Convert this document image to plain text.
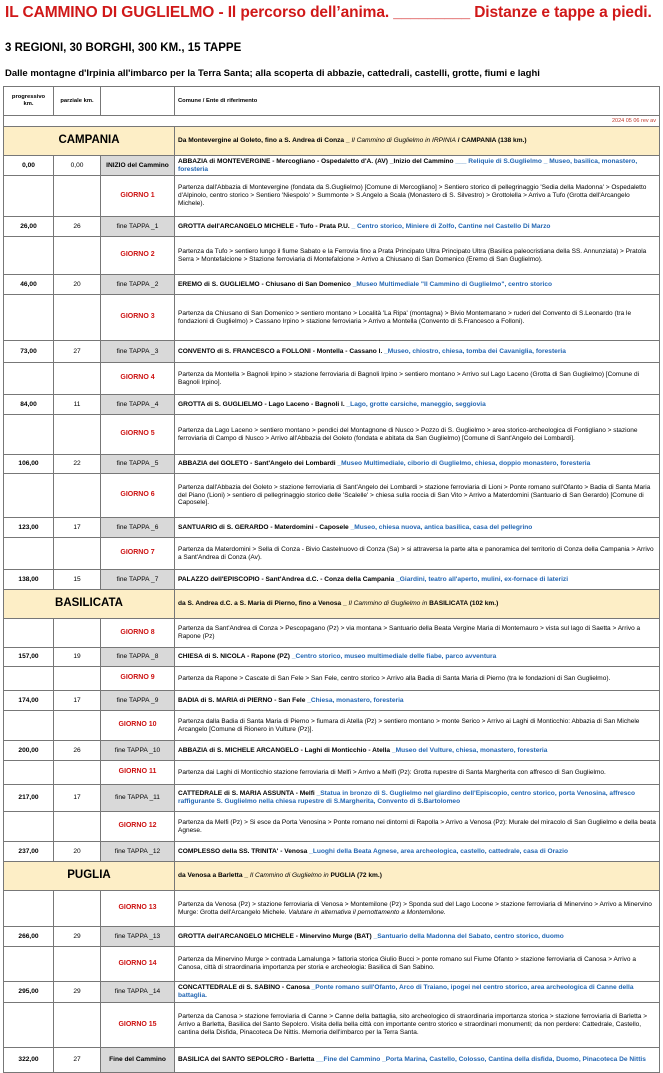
IL CAMMINO DI GUGLIELMO - Il percorso dell’anima. _________ Distanze e tappe a piedi.
3 REGIONI, 30 BORGHI, 300 KM., 15 TAPPE
Dalle montagne d'Irpinia all'imbarco per la Terra Santa; alla scoperta di abbazie, cattedrali, castelli, grotte, fiumi e laghi
progressivo km.	parziale km.		Comune / Ente di riferimento
			2024 05 06 rev av
CAMPANIA			Da Montevergine al Goleto, fino a S. Andrea di Conza _ Il Cammino di Guglielmo in IRPINIA / CAMPANIA (138 km.)
0,00	0,00	INIZIO del Cammino	ABBAZIA di MONTEVERGINE - Mercogliano - Ospedaletto d'A. (AV) _Inizio del Cammino ___ Reliquie di S.Guglielmo _ Museo, basilica, monastero, foresteria
		GIORNO 1	Partenza dall'Abbazia di Montevergine (fondata da S.Guglielmo) [Comune di Mercogliano] > Sentiero storico di pellegrinaggio 'Sedia della Madonna' > Ospedaletto d'Alpinolo, centro storico > Sentiero 'Niespolo' > Summonte > S.Angelo a Scala (Monastero di S. Silvestro) > Grottolella > Arrivo a Tufo (Grotta dell'Arcangelo Michele).
26,00	26	fine TAPPA _1	GROTTA dell'ARCANGELO MICHELE - Tufo - Prata P.U. _ Centro storico, Miniere di Zolfo, Cantine nel Castello Di Marzo
		GIORNO 2	Partenza da Tufo > sentiero lungo il fiume Sabato e la Ferrovia fino a Prata Principato Ultra Principato Ultra (Basilica paleocristiana della SS. Annunziata) > Pratola Serra > Montefalcione > Stazione ferroviaria di Montefalcione > Arrivo a Chiusano di San Domenico (Eremo di San Guglielmo).
46,00	20	fine TAPPA _2	EREMO di S. GUGLIELMO - Chiusano di San Domenico _Museo Multimediale "Il Cammino di Guglielmo", centro storico
		GIORNO 3	Partenza da Chiusano di San Domenico > sentiero montano > Località 'La Ripa' (montagna) > Bivio Montemarano > ruderi del Convento di S.Leonardo (tra le fondazioni di Guglielmo) > Cassano Irpino > stazione ferroviaria > Arrivo a Montella (Convento di S.Francesco a Folloni).
73,00	27	fine TAPPA _3	CONVENTO di S. FRANCESCO a FOLLONI - Montella - Cassano I. _Museo, chiostro, chiesa, tomba dei Cavaniglia, foresteria
		GIORNO 4	Partenza da Montella > Bagnoli Irpino > stazione ferroviaria di Bagnoli Irpino > sentiero montano > Arrivo sul Lago Laceno (Grotta di San Guglielmo) [Comune di Bagnoli Irpino].
84,00	11	fine TAPPA _4	GROTTA di S. GUGLIELMO - Lago Laceno - Bagnoli I. _Lago, grotte carsiche, maneggio, seggiovia
		GIORNO 5	Partenza da Lago Laceno > sentiero montano > pendici del Montagnone di Nusco > Pozzo di S. Guglielmo > area storico-archeologica di Fontigliano > stazione ferroviaria di Campo di Nusco > Arrivo all'Abbazia del Goleto (fondata e abitata da San Guglielmo) [Comune di Sant'Angelo dei Lombardi].
106,00	22	fine TAPPA _5	ABBAZIA del GOLETO - Sant'Angelo dei Lombardi _Museo Multimediale, ciborio di Guglielmo, chiesa, doppio monastero, foresteria
		GIORNO 6	Partenza dall'Abbazia del Goleto > stazione ferroviaria di Sant'Angelo dei Lombardi > stazione ferroviaria di Lioni > Ponte romano sull'Ofanto > Badia di Santa Maria del Piano (Lioni) > sentiero di pellegrinaggio storico delle 'Scalelle' > chiesa sulla roccia di San Vito > Arrivo a Materdomini (Santuario di San Gerardo) [Comune di Caposele].
123,00	17	fine TAPPA _6	SANTUARIO di S. GERARDO - Materdomini - Caposele _Museo, chiesa nuova, antica basilica, casa del pellegrino
		GIORNO 7	Partenza da Materdomini > Sella di Conza - Bivio Castelnuovo di Conza (Sa) > si attraversa la parte alta e panoramica del territorio di Conza della Campania > Arrivo a Sant'Andrea di Conza (Av).
138,00	15	fine TAPPA _7	PALAZZO dell'EPISCOPIO - Sant'Andrea d.C. - Conza della Campania _Giardini, teatro all'aperto, mulini, ex-fornace di laterizi
BASILICATA			da S. Andrea d.C. a S. Maria di Pierno, fino a Venosa _ Il Cammino di Guglielmo in BASILICATA (102 km.)
		GIORNO 8	Partenza da Sant'Andrea di Conza > Pescopagano (Pz) > via montana > Santuario della Beata Vergine Maria di Montemauro > vista sul lago di Saetta > Arrivo a Rapone (Pz)
157,00	19	fine TAPPA _8	CHIESA di S. NICOLA - Rapone (PZ) _Centro storico, museo multimediale delle fiabe, parco avventura
		GIORNO 9	Partenza da Rapone > Cascate di San Fele > San Fele, centro storico > Arrivo alla Badia di Santa Maria di Pierno (tra le fondazioni di San Guglielmo).
174,00	17	fine TAPPA _9	BADIA di S. MARIA di PIERNO - San Fele _Chiesa, monastero, foresteria
		GIORNO 10	Partenza dalla Badia di Santa Maria di Pierno > fiumara di Atella (Pz) > sentiero montano > monte Serico > Arrivo ai Laghi di Monticchio: Abbazia di San Michele Arcangelo [Comune di Rionero in Vulture (Pz)].
200,00	26	fine TAPPA _10	ABBAZIA di S. MICHELE ARCANGELO - Laghi di Monticchio - Atella _Museo del Vulture, chiesa, monastero, foresteria
		GIORNO 11	Partenza dai Laghi di Monticchio stazione ferroviaria di Melfi > Arrivo a Melfi (Pz): Grotta rupestre di Santa Margherita con affresco di San Guglielmo.
217,00	17	fine TAPPA _11	CATTEDRALE di S. MARIA ASSUNTA - Melfi _Statua in bronzo di S. Guglielmo nel giardino dell'Episcopio, centro storico, porta Venosina, affresco raffigurante S. Guglielmo nella chiesa rupestre di S.Margherita, Convento di S.Bartolomeo
		GIORNO 12	Partenza da Melfi (Pz) > Si esce da Porta Venosina > Ponte romano nei dintorni di Rapolla > Arrivo a Venosa (Pz): Murale del miracolo di San Guglielmo e della beata Agnese.
237,00	20	fine TAPPA _12	COMPLESSO della SS. TRINITA' - Venosa _Luoghi della Beata Agnese, area archeologica, castello, cattedrale, casa di Orazio
PUGLIA			da Venosa a Barletta _ Il Cammino di Guglielmo in PUGLIA (72 km.)
		GIORNO 13	Partenza da Venosa (Pz) > stazione ferroviaria di Venosa > Montemilone (Pz) > Sponda sud del Lago Locone > stazione ferroviaria di Minervino > Arrivo a Minervino Murge: Grotta dell'Arcangelo Michele. Valutare in alternativa il pernottamento a Montemilone.
266,00	29	fine TAPPA _13	GROTTA dell'ARCANGELO MICHELE - Minervino Murge (BAT) _Santuario della Madonna del Sabato, centro storico, duomo
		GIORNO 14	Partenza da Minervino Murge > contrada Lamalunga > fattoria storica Giulio Bucci > ponte romano sul Fiume Ofanto > stazione ferroviaria di Canosa > Arrivo a Canosa, città di straordinaria importanza per storia e archeologia: Basilica di San Sabino.
295,00	29	fine TAPPA _14	CONCATTEDRALE di S. SABINO - Canosa _Ponte romano sull'Ofanto, Arco di Traiano, ipogei nel centro storico, area archeologica di Canne della battaglia.
		GIORNO 15	Partenza da Canosa > stazione ferroviaria di Canne > Canne della battaglia, sito archeologico di straordinaria importanza storica > stazione ferroviaria di Barletta > Arrivo a Barletta, Basilica del Santo Sepolcro. Visita della bella città con importante centro storico e straordinari monumenti; da non perdere: Cattedrale, Castello, cantina della Disfida, Pinacoteca De Nittis. Memoria dell'imbarco per la Terra Santa.
322,00	27	Fine del Cammino	BASILICA del SANTO SEPOLCRO - Barletta __Fine del Cammino _Porta Marina, Castello, Colosso, Cantina della disfida, Duomo, Pinacoteca De Nittis
